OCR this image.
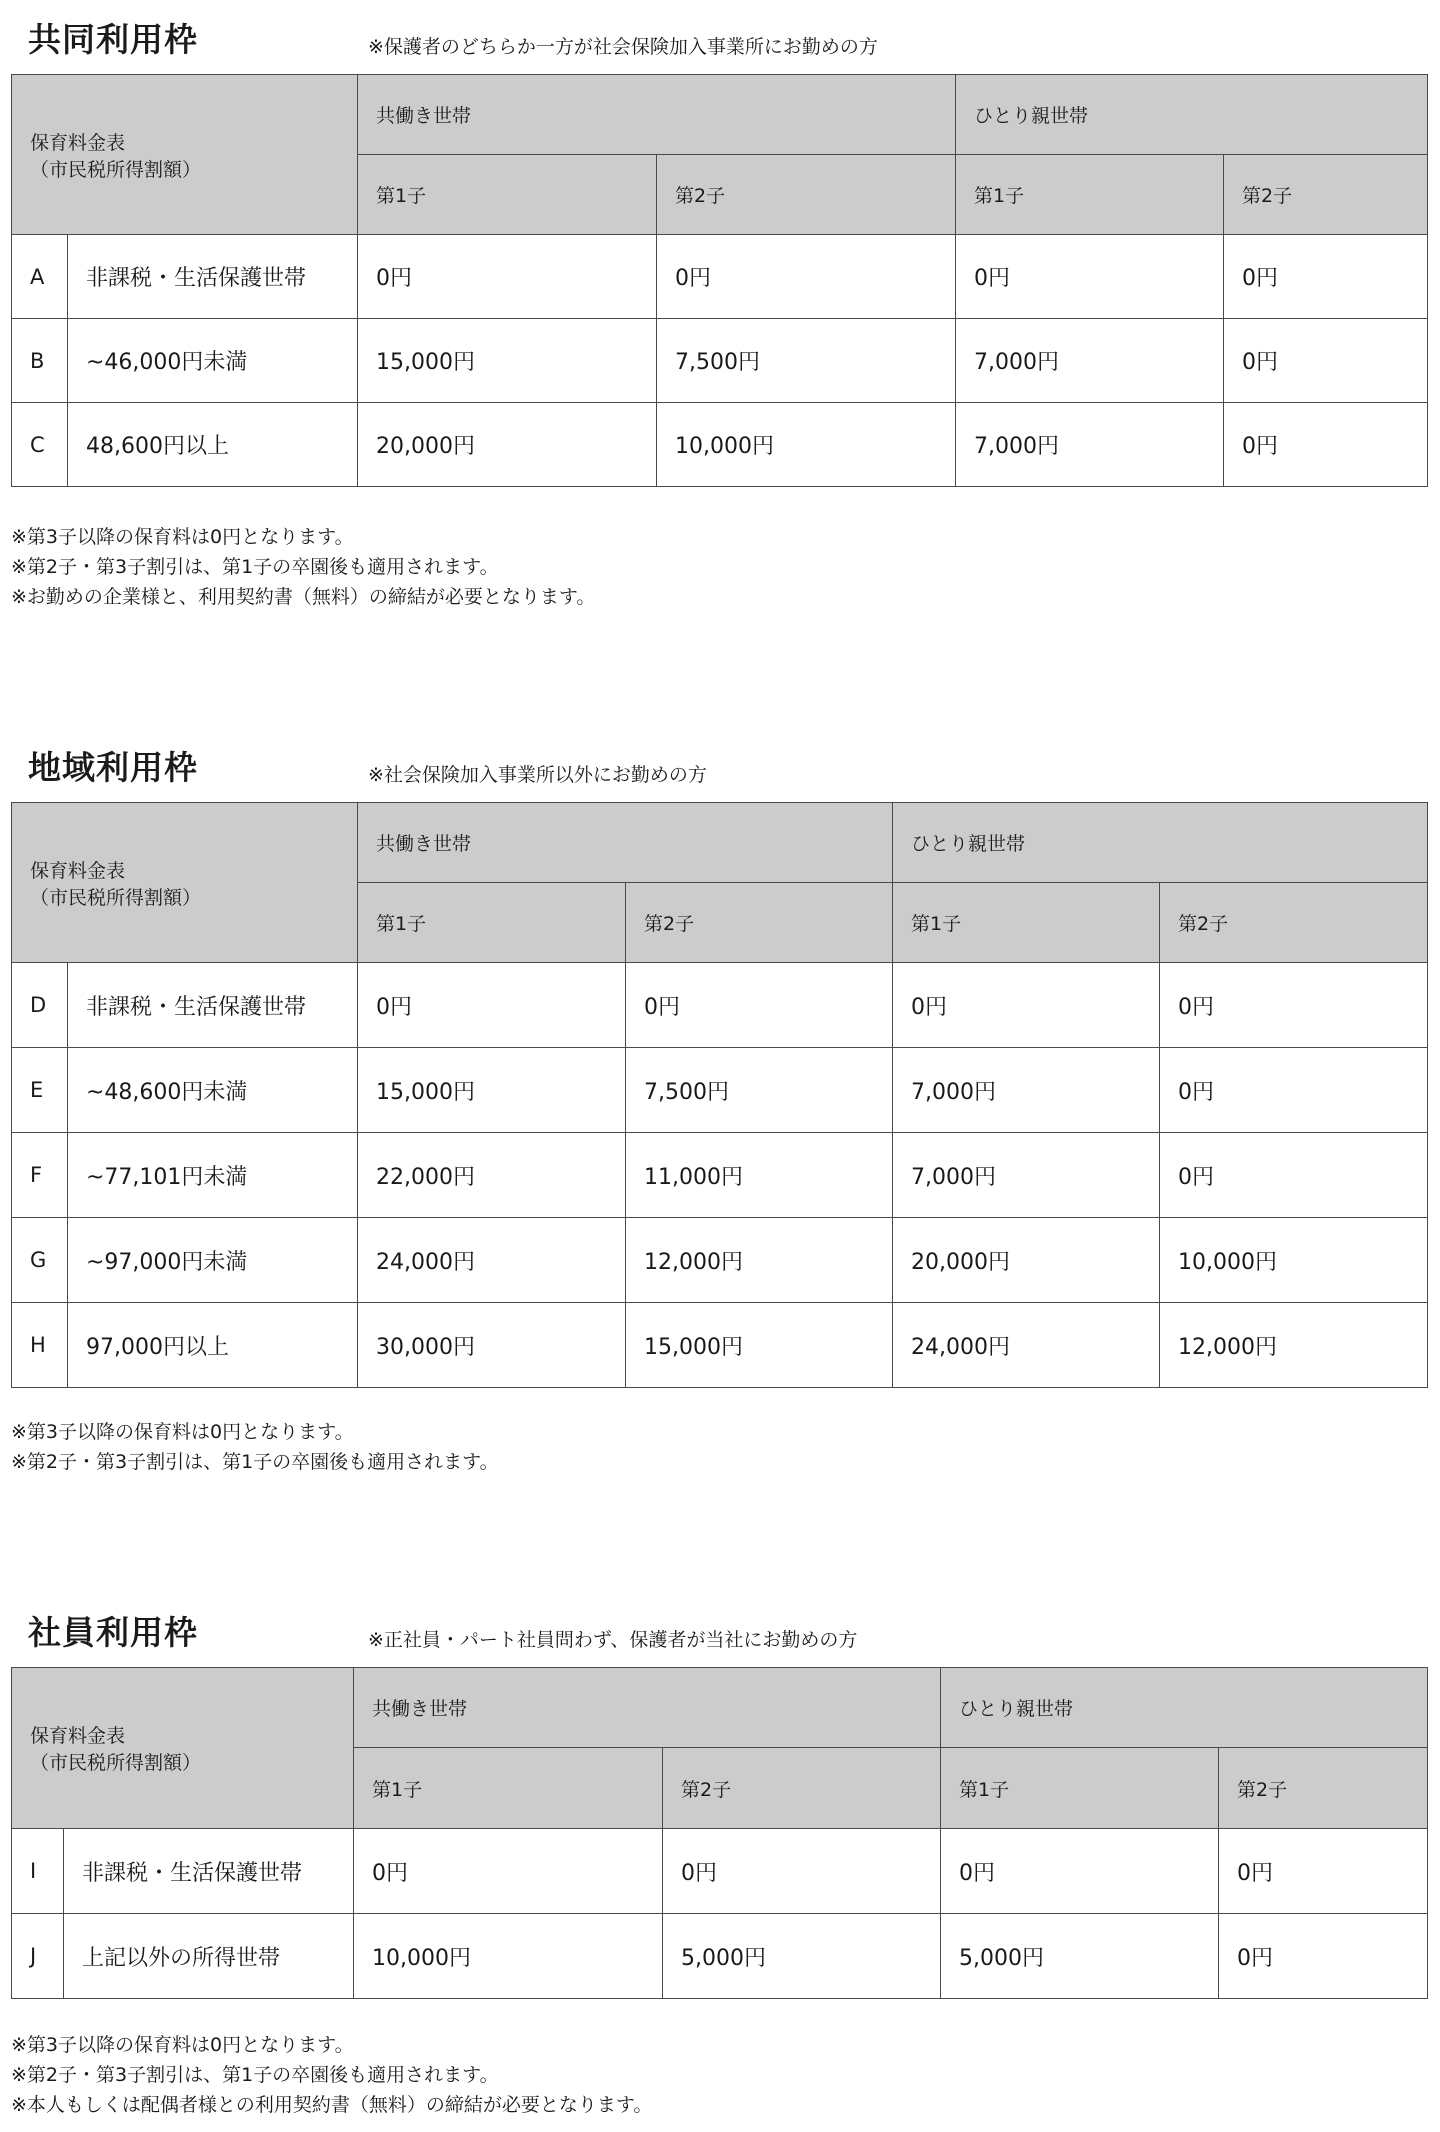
共同利用枠	※保護者のどちらか一方が社会保険加入事業所にお勤めの方

保育料金表
（市民税所得割額）		共働き世帯		ひとり親世帯	
		第1子	第2子	第1子	第2子
A	非課税・生活保護世帯	0円	0円	0円	0円
B	~46,000円未満	15,000円	7,500円	7,000円	0円
C	48,600円以上	20,000円	10,000円	7,000円	0円

※第3子以降の保育料は0円となります。

※第2子・第3子割引は、第1子の卒園後も適用されます。

※お勤めの企業様と、利用契約書（無料）の締結が必要となります。

地域利用枠	※社会保険加入事業所以外にお勤めの方

保育料金表
（市民税所得割額）		共働き世帯		ひとり親世帯	
		第1子	第2子	第1子	第2子
D	非課税・生活保護世帯	0円	0円	0円	0円
E	~48,600円未満	15,000円	7,500円	7,000円	0円
F	~77,101円未満	22,000円	11,000円	7,000円	0円
G	~97,000円未満	24,000円	12,000円	20,000円	10,000円
H	97,000円以上	30,000円	15,000円	24,000円	12,000円

※第3子以降の保育料は0円となります。

※第2子・第3子割引は、第1子の卒園後も適用されます。

社員利用枠	※正社員・パート社員問わず、保護者が当社にお勤めの方

保育料金表
（市民税所得割額）		共働き世帯		ひとり親世帯	
		第1子	第2子	第1子	第2子
I	非課税・生活保護世帯	0円	0円	0円	0円
J	上記以外の所得世帯	10,000円	5,000円	5,000円	0円

※第3子以降の保育料は0円となります。

※第2子・第3子割引は、第1子の卒園後も適用されます。

※本人もしくは配偶者様との利用契約書（無料）の締結が必要となります。
